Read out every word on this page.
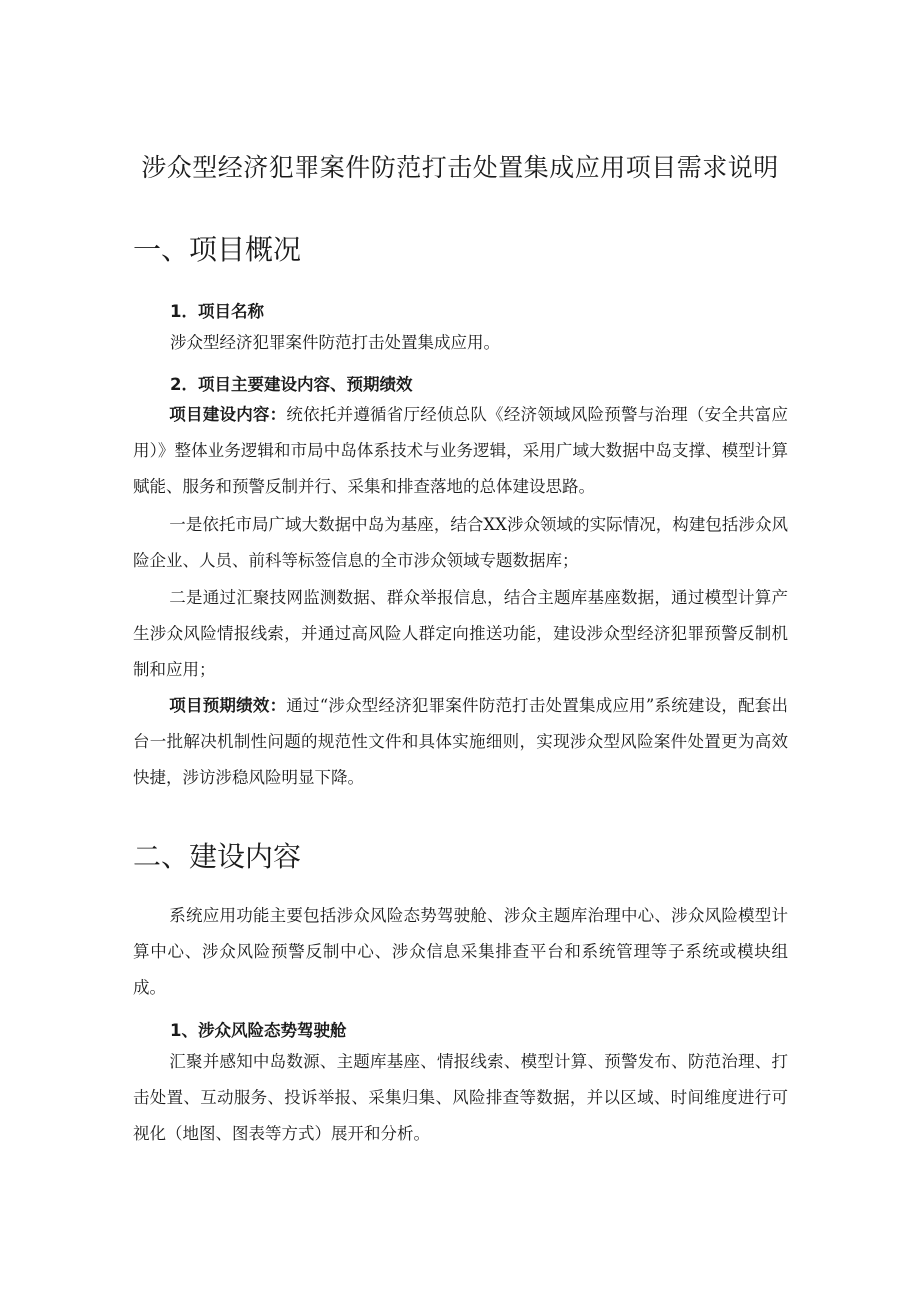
涉众型经济犯罪案件防范打击处置集成应用项目需求说明
一、项目概况

1．项目名称

涉众型经济犯罪案件防范打击处置集成应用。

2．项目主要建设内容、预期绩效

项目建设内容：统依托并遵循省厅经侦总队《经济领域风险预警与治理（安全共富应用）》整体业务逻辑和市局中岛体系技术与业务逻辑，采用广域大数据中岛支撑、模型计算赋能、服务和预警反制并行、采集和排查落地的总体建设思路。

一是依托市局广域大数据中岛为基座，结合XX涉众领域的实际情况，构建包括涉众风险企业、人员、前科等标签信息的全市涉众领域专题数据库；

二是通过汇聚技网监测数据、群众举报信息，结合主题库基座数据，通过模型计算产生涉众风险情报线索，并通过高风险人群定向推送功能，建设涉众型经济犯罪预警反制机制和应用；

项目预期绩效：通过“涉众型经济犯罪案件防范打击处置集成应用”系统建设，配套出台一批解决机制性问题的规范性文件和具体实施细则，实现涉众型风险案件处置更为高效快捷，涉访涉稳风险明显下降。

二、建设内容

系统应用功能主要包括涉众风险态势驾驶舱、涉众主题库治理中心、涉众风险模型计算中心、涉众风险预警反制中心、涉众信息采集排查平台和系统管理等子系统或模块组成。

1、涉众风险态势驾驶舱

汇聚并感知中岛数源、主题库基座、情报线索、模型计算、预警发布、防范治理、打击处置、互动服务、投诉举报、采集归集、风险排查等数据，并以区域、时间维度进行可视化（地图、图表等方式）展开和分析。
